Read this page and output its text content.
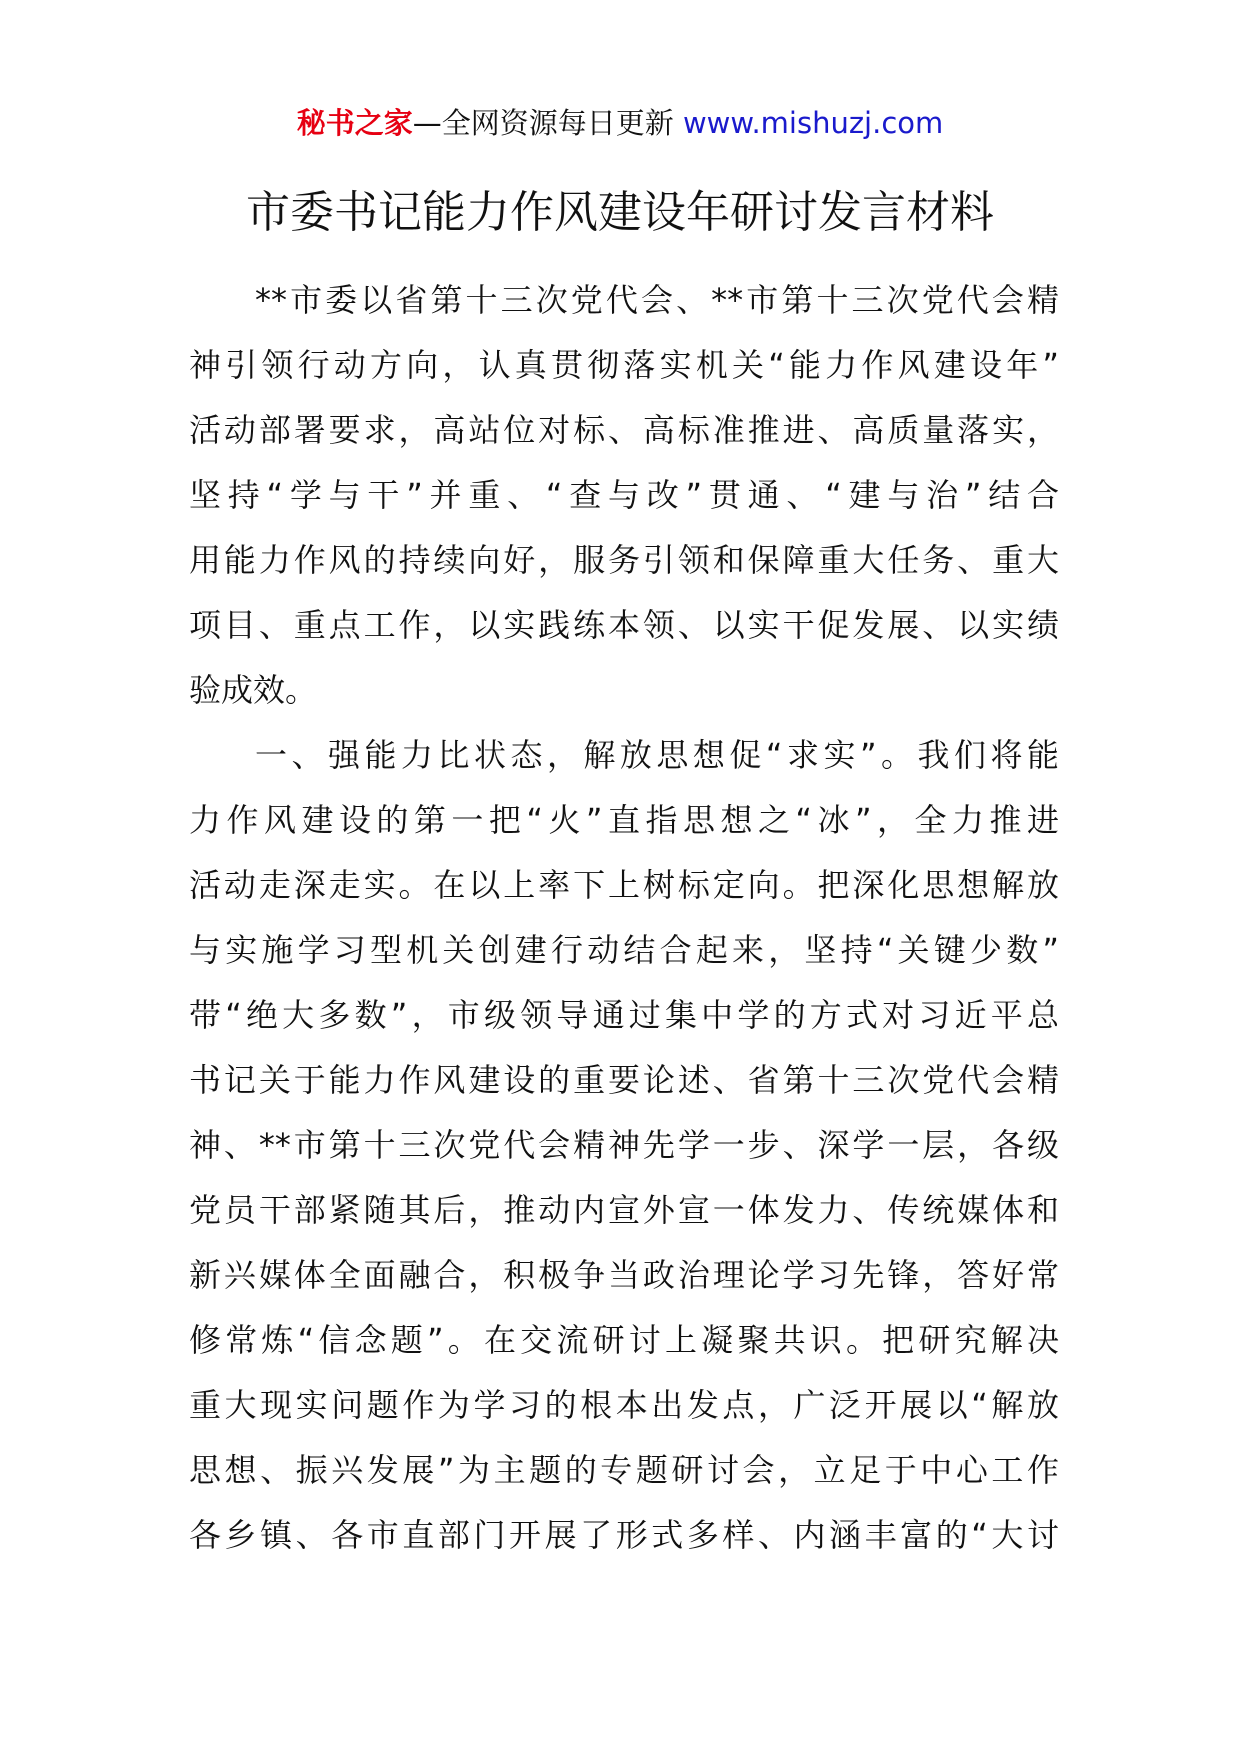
秘书之家—全网资源每日更新 www.mishuzj.com
市委书记能力作风建设年研讨发言材料
**市委以省第十三次党代会、**市第十三次党代会精
神引领行动方向，认真贯彻落实机关“能力作风建设年”
活动部署要求，高站位对标、高标准推进、高质量落实，
坚持“学与干”并重、“查与改”贯通、“建与治”结合
用能力作风的持续向好，服务引领和保障重大任务、重大
项目、重点工作，以实践练本领、以实干促发展、以实绩
验成效。
一、强能力比状态，解放思想促“求实”。我们将能
力作风建设的第一把“火”直指思想之“冰”，全力推进
活动走深走实。在以上率下上树标定向。把深化思想解放
与实施学习型机关创建行动结合起来，坚持“关键少数”
带“绝大多数”，市级领导通过集中学的方式对习近平总
书记关于能力作风建设的重要论述、省第十三次党代会精
神、**市第十三次党代会精神先学一步、深学一层，各级
党员干部紧随其后，推动内宣外宣一体发力、传统媒体和
新兴媒体全面融合，积极争当政治理论学习先锋，答好常
修常炼“信念题”。在交流研讨上凝聚共识。把研究解决
重大现实问题作为学习的根本出发点，广泛开展以“解放
思想、振兴发展”为主题的专题研讨会，立足于中心工作
各乡镇、各市直部门开展了形式多样、内涵丰富的“大讨
